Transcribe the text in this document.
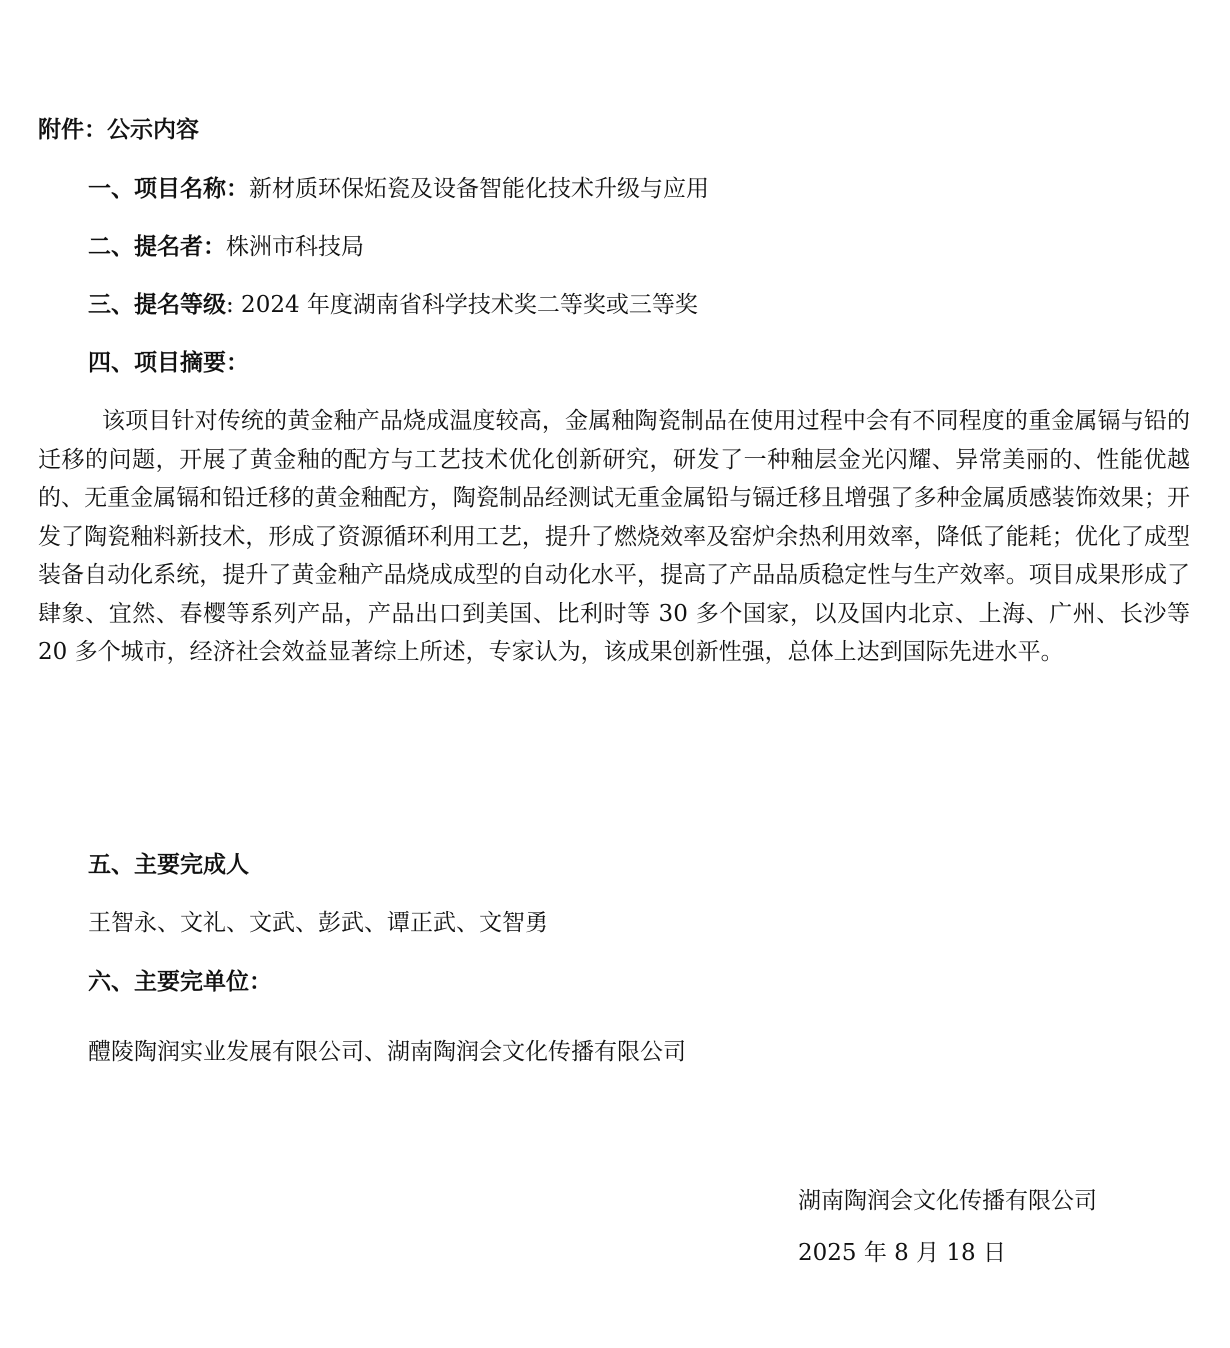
附件：公示内容
一、项目名称：新材质环保炻瓷及设备智能化技术升级与应用
二、提名者：株洲市科技局
三、提名等级: 2024 年度湖南省科学技术奖二等奖或三等奖
四、项目摘要：
该项目针对传统的黄金釉产品烧成温度较高，金属釉陶瓷制品在使用过程中会有不同程度的重金属镉与铅的迁移的问题，开展了黄金釉的配方与工艺技术优化创新研究，研发了一种釉层金光闪耀、异常美丽的、性能优越的、无重金属镉和铅迁移的黄金釉配方，陶瓷制品经测试无重金属铅与镉迁移且增强了多种金属质感装饰效果；开发了陶瓷釉料新技术，形成了资源循环利用工艺，提升了燃烧效率及窑炉余热利用效率，降低了能耗；优化了成型装备自动化系统，提升了黄金釉产品烧成成型的自动化水平，提高了产品品质稳定性与生产效率。项目成果形成了肆象、宜然、春樱等系列产品，产品出口到美国、比利时等 30 多个国家，以及国内北京、上海、广州、长沙等 20 多个城市，经济社会效益显著综上所述，专家认为，该成果创新性强，总体上达到国际先进水平。
五、主要完成人
王智永、文礼、文武、彭武、谭正武、文智勇
六、主要完单位：
醴陵陶润实业发展有限公司、湖南陶润会文化传播有限公司
湖南陶润会文化传播有限公司
2025 年 8 月 18 日
